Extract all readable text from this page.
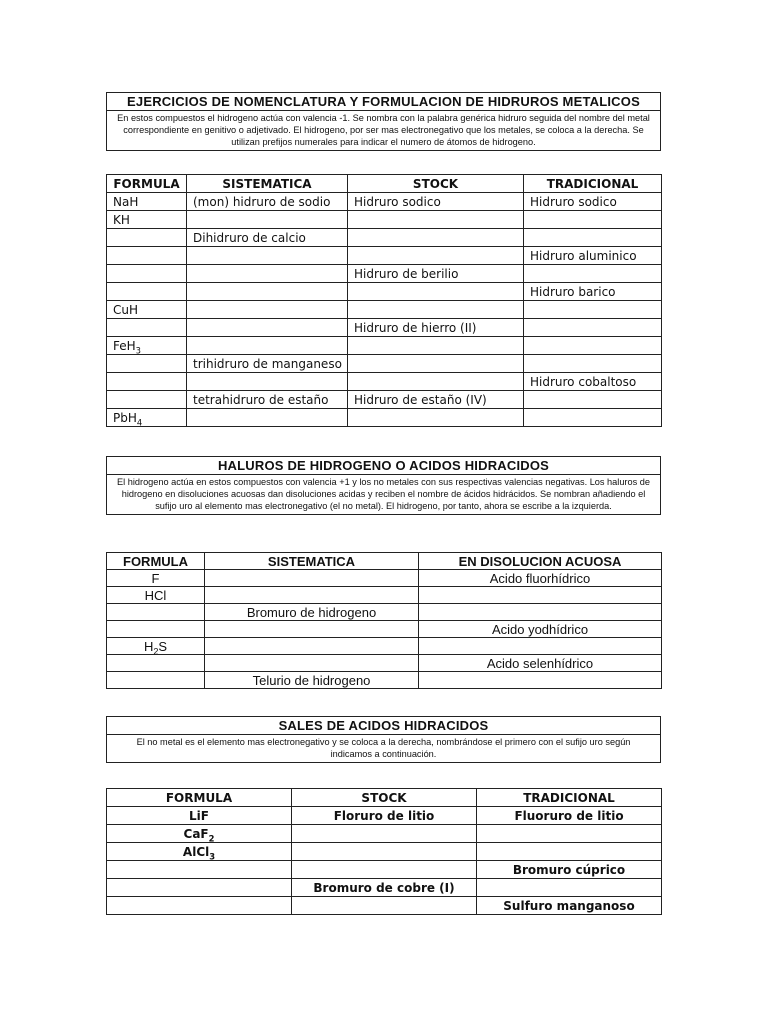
EJERCICIOS DE NOMENCLATURA Y FORMULACION DE HIDRUROS METALICOS
En estos compuestos el hidrogeno actúa con valencia -1. Se nombra con la palabra genérica hidruro seguida del nombre del metal correspondiente en genitivo o adjetivado. El hidrogeno, por ser mas electronegativo que los metales, se coloca a la derecha. Se utilizan prefijos numerales para indicar el numero de átomos de hidrogeno.
FORMULA	SISTEMATICA	STOCK	TRADICIONAL
NaH	(mon) hidruro de sodio	Hidruro sodico	Hidruro sodico
KH			
	Dihidruro de calcio		
			Hidruro aluminico
		Hidruro de berilio	
			Hidruro barico
CuH			
		Hidruro de hierro (II)	
FeH$_3$			
	trihidruro de manganeso		
			Hidruro cobaltoso
	tetrahidruro de estaño	Hidruro de estaño (IV)	
PbH$_4$			
HALUROS DE HIDROGENO O ACIDOS HIDRACIDOS
El hidrogeno actúa en estos compuestos con valencia +1 y los no metales con sus respectivas valencias negativas. Los haluros de hidrogeno en disoluciones acuosas dan disoluciones acidas y reciben el nombre de ácidos hidrácidos. Se nombran añadiendo el sufijo uro al elemento mas electronegativo (el no metal). El hidrogeno, por tanto, ahora se escribe a la izquierda.
FORMULA	SISTEMATICA	EN DISOLUCION ACUOSA
F		Acido fluorhídrico
HCl		
	Bromuro de hidrogeno	
		Acido yodhídrico
$H_2S$		
		Acido selenhídrico
	Telurio de hidrogeno	
SALES DE ACIDOS HIDRACIDOS
El no metal es el elemento mas electronegativo y se coloca a la derecha, nombrándose el primero con el sufijo uro según indicamos a continuación.
FORMULA	STOCK	TRADICIONAL
LiF	Floruro de litio	Fluoruro de litio
CaF$_2$		
AlCl$_3$		
		Bromuro cúprico
	Bromuro de cobre (I)	
		Sulfuro manganoso
